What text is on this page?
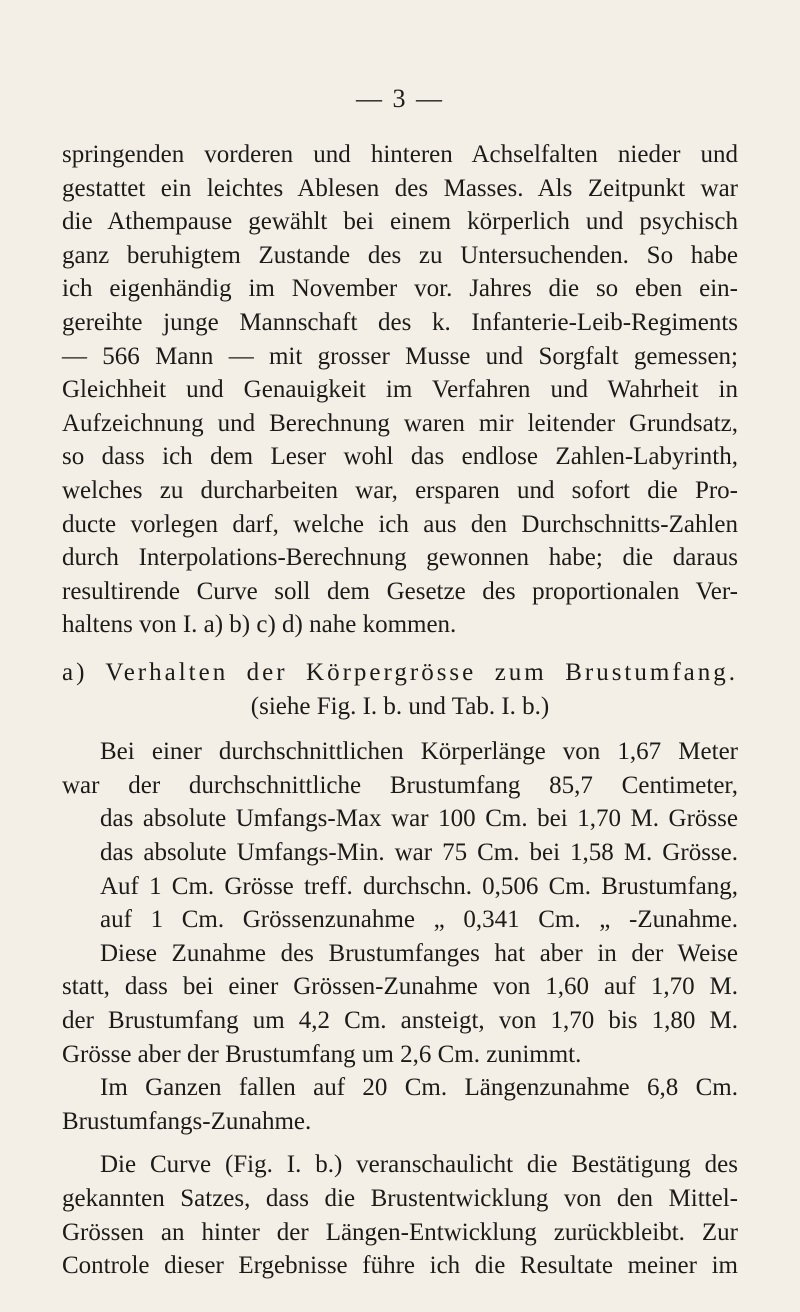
— 3 —
springenden vorderen und hinteren Achselfalten nieder und
gestattet ein leichtes Ablesen des Masses. Als Zeitpunkt war
die Athempause gewählt bei einem körperlich und psychisch
ganz beruhigtem Zustande des zu Untersuchenden. So habe
ich eigenhändig im November vor. Jahres die so eben ein-
gereihte junge Mannschaft des k. Infanterie-Leib-Regiments
— 566 Mann — mit grosser Musse und Sorgfalt gemessen;
Gleichheit und Genauigkeit im Verfahren und Wahrheit in
Aufzeichnung und Berechnung waren mir leitender Grundsatz,
so dass ich dem Leser wohl das endlose Zahlen-Labyrinth,
welches zu durcharbeiten war, ersparen und sofort die Pro-
ducte vorlegen darf, welche ich aus den Durchschnitts-Zahlen
durch Interpolations-Berechnung gewonnen habe; die daraus
resultirende Curve soll dem Gesetze des proportionalen Ver-
haltens von I. a) b) c) d) nahe kommen.
a) Verhalten der Körpergrösse zum Brustumfang.
(siehe Fig. I. b. und Tab. I. b.)
Bei einer durchschnittlichen Körperlänge von 1,67 Meter
war der durchschnittliche Brustumfang 85,7 Centimeter,
das absolute Umfangs-Max war 100 Cm. bei 1,70 M. Grösse
das absolute Umfangs-Min. war 75 Cm. bei 1,58 M. Grösse.
Auf 1 Cm. Grösse treff. durchschn. 0,506 Cm. Brustumfang,
auf 1 Cm. Grössenzunahme „ 0,341 Cm. „ -Zunahme.
Diese Zunahme des Brustumfanges hat aber in der Weise
statt, dass bei einer Grössen-Zunahme von 1,60 auf 1,70 M.
der Brustumfang um 4,2 Cm. ansteigt, von 1,70 bis 1,80 M.
Grösse aber der Brustumfang um 2,6 Cm. zunimmt.
Im Ganzen fallen auf 20 Cm. Längenzunahme 6,8 Cm.
Brustumfangs-Zunahme.
Die Curve (Fig. I. b.) veranschaulicht die Bestätigung des
gekannten Satzes, dass die Brustentwicklung von den Mittel-
Grössen an hinter der Längen-Entwicklung zurückbleibt. Zur
Controle dieser Ergebnisse führe ich die Resultate meiner im
